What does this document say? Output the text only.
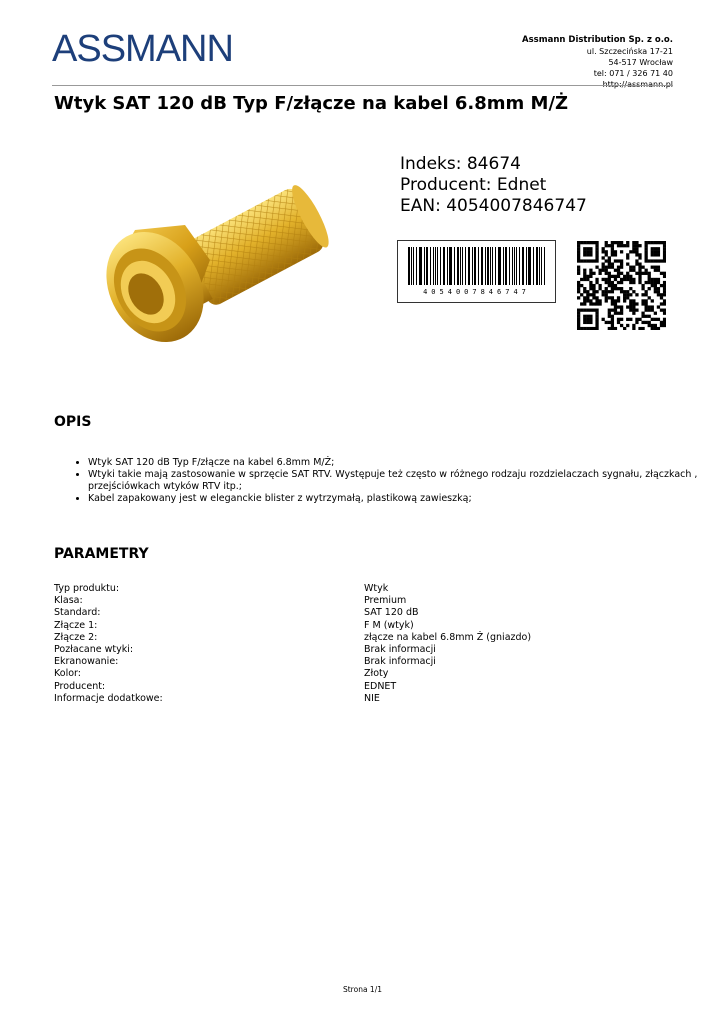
ASSMANN	Assmann Distribution Sp. z o.o.
ul. Szczecińska 17-21
54-517 Wrocław
tel: 071 / 326 71 40
http://assmann.pl
Wtyk SAT 120 dB Typ F/złącze na kabel 6.8mm M/Ż
Indeks: 84674
Producent: Ednet
EAN: 4054007846747
4054007846747
OPIS
• Wtyk SAT 120 dB Typ F/złącze na kabel 6.8mm M/Ż;
• Wtyki takie mają zastosowanie w sprzęcie SAT RTV. Występuje też często w różnego rodzaju rozdzielaczach sygnału, złączkach , przejściówkach wtyków RTV itp.;
• Kabel zapakowany jest w eleganckie blister z wytrzymałą, plastikową zawieszką;
PARAMETRY
Typ produktu:	Wtyk
Klasa:	Premium
Standard:	SAT 120 dB
Złącze 1:	F M (wtyk)
Złącze 2:	złącze na kabel 6.8mm Ż (gniazdo)
Pozłacane wtyki:	Brak informacji
Ekranowanie:	Brak informacji
Kolor:	Złoty
Producent:	EDNET
Informacje dodatkowe:	NIE
Strona 1/1
